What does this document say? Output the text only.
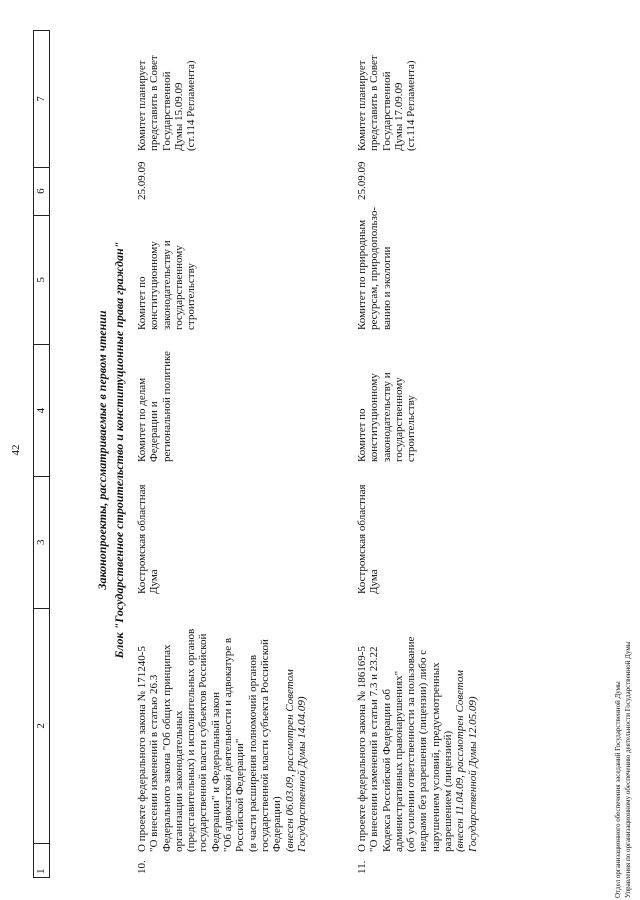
42
1
2
3
4
5
6
7
Законопроекты, рассматриваемые в первом чтении Блок "Государственное строительство и конституционные права граждан"
10.
О проекте федерального закона № 171240-5 "О внесении изменений в статью 26.3 Федерального закона "Об общих принципах организации законодательных (представительных) и исполнительных органов государственной власти субъектов Российской Федерации" и Федеральный закон "Об адвокатской деятельности и адвокатуре в Российской Федерации" (в части расширения полномочий органов государственной власти субъекта Российской Федерации) (внесен 06.03.09, рассмотрен Советом Государственной Думы 14.04.09)
Костромская областная Дума
Комитет по делам Федерации и региональной политике
Комитет по конституционному законодательству и государственному строительству
25.09.09
Комитет планирует представить в Совет Государственной Думы 15.09.09 (ст.114 Регламента)
11.
О проекте федерального закона № 186169-5 "О внесении изменений в статьи 7.3 и 23.22 Кодекса Российской Федерации об административных правонарушениях" (об усилении ответственности за пользование недрами без разрешения (лицензии) либо с нарушением условий, предусмотренных разрешением (лицензией) (внесен 11.04.09, рассмотрен Советом Государственной Думы 12.05.09)
Костромская областная Дума
Комитет по конституционному законодательству и государственному строительству
Комитет по природным ресурсам, природопользо-ванию и экологии
25.09.09
Комитет планирует представить в Совет Государственной Думы 17.09.09 (ст.114 Регламента)
Отдел организационного обеспечения заседаний Государственной Думы Управления по организационному обеспечению деятельности Государственной Думы
